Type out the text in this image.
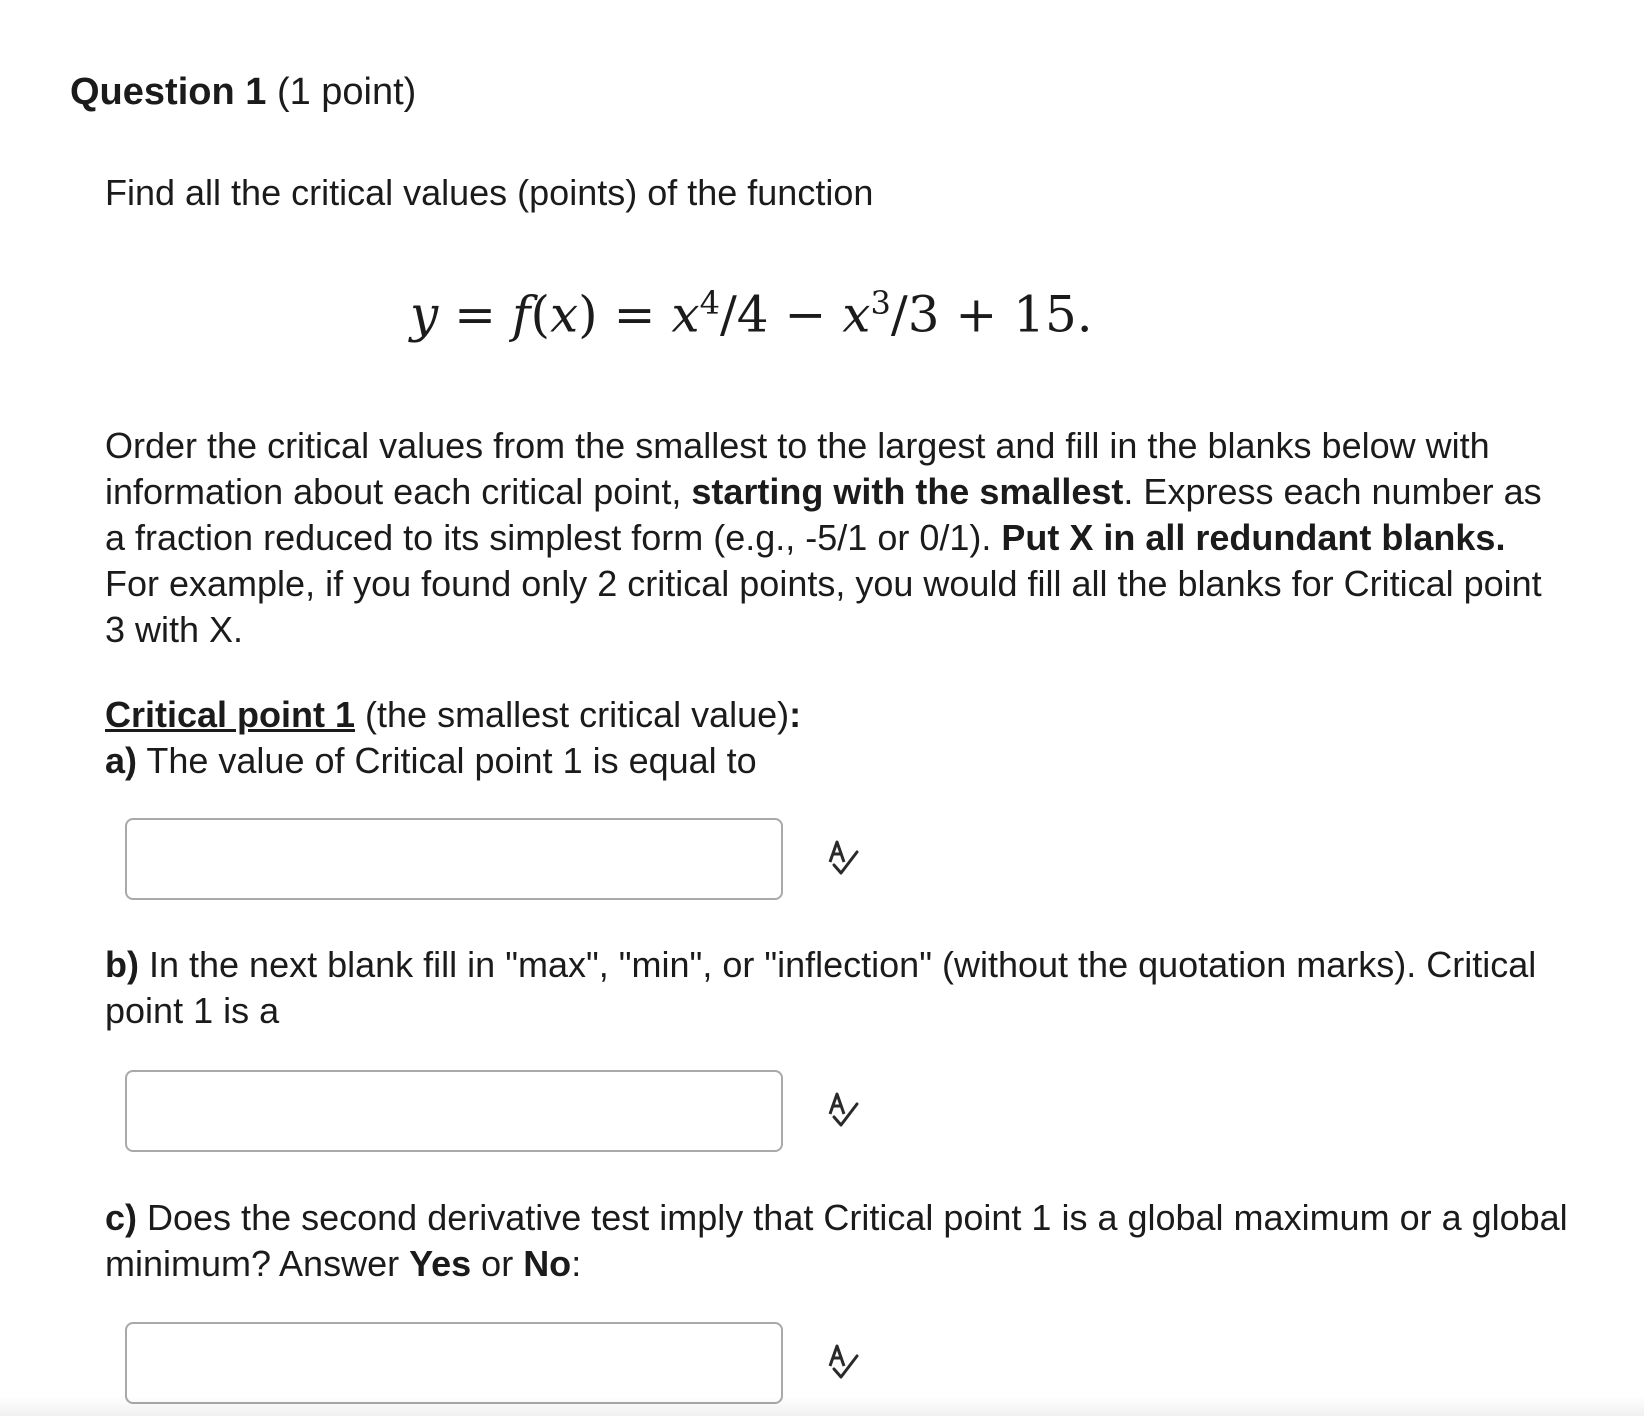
Question 1 (1 point)
Find all the critical values (points) of the function
$y = f(x) = x^4/4 - x^3/3 + 15$.
Order the critical values from the smallest to the largest and fill in the blanks below with information about each critical point, starting with the smallest. Express each number as a fraction reduced to its simplest form (e.g., -5/1 or 0/1). Put X in all redundant blanks. For example, if you found only 2 critical points, you would fill all the blanks for Critical point 3 with X.
Critical point 1 (the smallest critical value):
a) The value of Critical point 1 is equal to
b) In the next blank fill in "max", "min", or "inflection" (without the quotation marks). Critical point 1 is a
c) Does the second derivative test imply that Critical point 1 is a global maximum or a global minimum? Answer Yes or No:
